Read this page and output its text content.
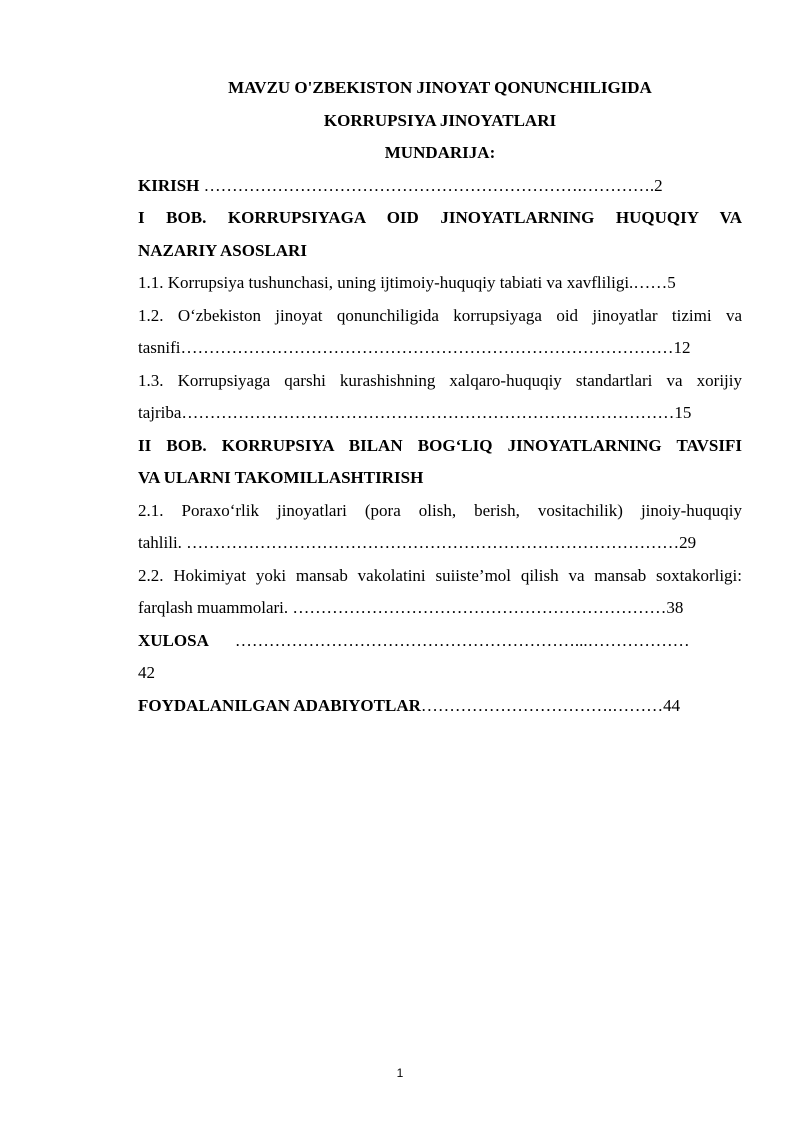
MAVZU O'ZBEKISTON JINOYAT QONUNCHILIGIDA

KORRUPSIYA JINOYATLARI

MUNDARIJA:

KIRISH ………………………………………………………….………….2

I BOB. KORRUPSIYAGA OID JINOYATLARNING HUQUQIY VA
NAZARIY ASOSLARI

1.1. Korrupsiya tushunchasi, uning ijtimoiy-huquqiy tabiati va xavfliligi.……5

1.2. O‘zbekiston jinoyat qonunchiligida korrupsiyaga oid jinoyatlar tizimi va
tasnifi……………………………………………………………………………12
1.3. Korrupsiyaga qarshi kurashishning xalqaro-huquqiy standartlari va xorijiy
tajriba……………………………………………………………………………15
II BOB. KORRUPSIYA BILAN BOG‘LIQ JINOYATLARNING TAVSIFI
VA ULARNI TAKOMILLASHTIRISH
2.1. Poraxo‘rlik jinoyatlari (pora olish, berish, vositachilik) jinoiy-huquqiy
tahlili. ……………………………………………………………………………29
2.2. Hokimiyat yoki mansab vakolatini suiiste’mol qilish va mansab soxtakorligi:
farqlash muammolari. …………………………………………………………38
XULOSA ……………………………………………………...………………
42

FOYDALANILGAN ADABIYOTLAR…………………………….………44

1
